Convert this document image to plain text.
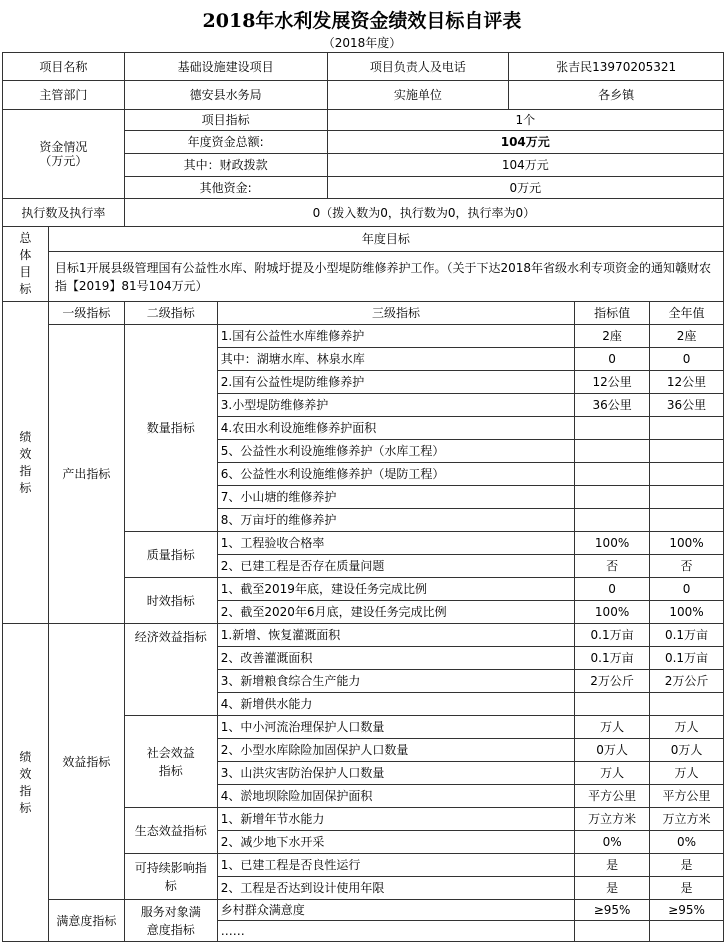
2018年水利发展资金绩效目标自评表
（2018年度）
项目名称		基础设施建设项目		项目负责人及电话	张吉民13970205321		
主管部门		德安县水务局		实施单位	各乡镇		

资金情况
（万元）		项目指标		1个			
		年度资金总额:		104万元			
		其中：财政拨款		104万元			
		其他资金:		0万元			
执行数及执行率		0（拨入数为0，执行数为0，执行率为0）					

总体目标	年度目标						
	目标1开展县级管理国有公益性水库、附城圩提及小型堤防维修养护工作。（关于下达2018年省级水利专项资金的通知赣财农指【2019】81号104万元）						

绩效指标	一级指标	二级指标	三级指标			指标值	全年值
	产出指标	数量指标	1.国有公益性水库维修养护			2座	2座
			其中：湖塘水库、林泉水库			0	0
			2.国有公益性堤防维修养护			12公里	12公里
			3.小型堤防维修养护			36公里	36公里
			4.农田水利设施维修养护面积				
			5、公益性水利设施维修养护（水库工程）				
			6、公益性水利设施维修养护（堤防工程）				
			7、小山塘的维修养护				
			8、万亩圩的维修养护				
		质量指标	1、工程验收合格率			100%	100%
			2、已建工程是否存在质量问题			否	否
		时效指标	1、截至2019年底，建设任务完成比例			0	0
			2、截至2020年6月底，建设任务完成比例			100%	100%

绩效指标	效益指标	经济效益指标	1.新增、恢复灌溉面积			0.1万亩	0.1万亩
			2、改善灌溉面积			0.1万亩	0.1万亩
			3、新增粮食综合生产能力			2万公斤	2万公斤
			4、新增供水能力				
		社会效益指标	1、中小河流治理保护人口数量			万人	万人
			2、小型水库除险加固保护人口数量			0万人	0万人
			3、山洪灾害防治保护人口数量			万人	万人
			4、淤地坝除险加固保护面积			平方公里	平方公里
		生态效益指标	1、新增年节水能力			万立方米	万立方米
			2、减少地下水开采			0%	0%
		可持续影响指标	1、已建工程是否良性运行			是	是
			2、工程是否达到设计使用年限			是	是
	满意度指标	服务对象满意度指标	乡村群众满意度			≥95%	≥95%
			……				
